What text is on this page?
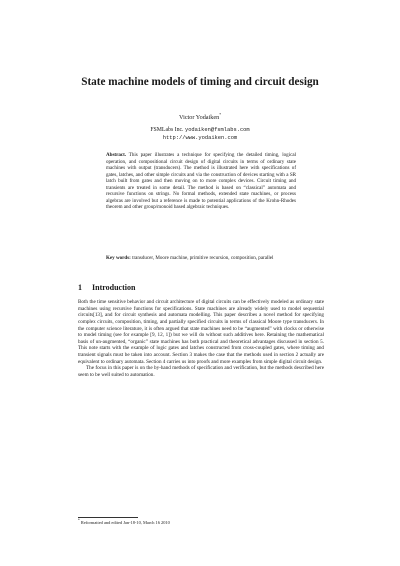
State machine models of timing and circuit design
Victor Yodaiken*
FSMLabs Inc. yodaiken@fsmlabs.com
http://www.yodaiken.com
Abstract. This paper illustrates a technique for specifying the detailed timing, logical operation, and compositional circuit design of digital circuits in terms of ordinary state machines with output (transducers). The method is illustrated here with specifications of gates, latches, and other simple circuits and via the construction of devices starting with a SR latch built from gates and then moving on to more complex devices. Circuit timing and transients are treated in some detail. The method is based on “classical” automata and recursive functions on strings. No formal methods, extended state machines, or process algebras are involved but a reference is made to potential applications of the Krohn-Rhodes theorem and other group/monoid based algebraic techniques.
Key words: transducer, Moore machine, primitive recursion, composition, parallel
1 Introduction

Both the time sensitive behavior and circuit architecture of digital circuits can be effectively modeled as ordinary state machines using recursive functions for specifications. State machines are already widely used to model sequential circuits[13], and for circuit synthesis and automata modelling. This paper describes a novel method for specifying complex circuits, composition, timing, and partially specified circuits in terms of classical Moore type transducers. In the computer science literature, it is often argued that state machines need to be “augmented” with clocks or otherwise to model timing (see for example [9, 12, 1]) but we will do without such additives here. Retaining the mathematical basis of un-augmented, “organic” state machines has both practical and theoretical advantages discussed in section 5. This note starts with the example of logic gates and latches constructed from cross-coupled gates, where timing and transient signals must be taken into account. Section 3 makes the case that the methods used in section 2 actually are equivalent to ordinary automata. Section 4 carries us into proofs and more examples from simple digital circuit design.

The focus in this paper is on the by-hand methods of specification and verification, but the methods described here seem to be well suited to automation.

* Reformatted and edited Jan-18-10, March 16 2010
